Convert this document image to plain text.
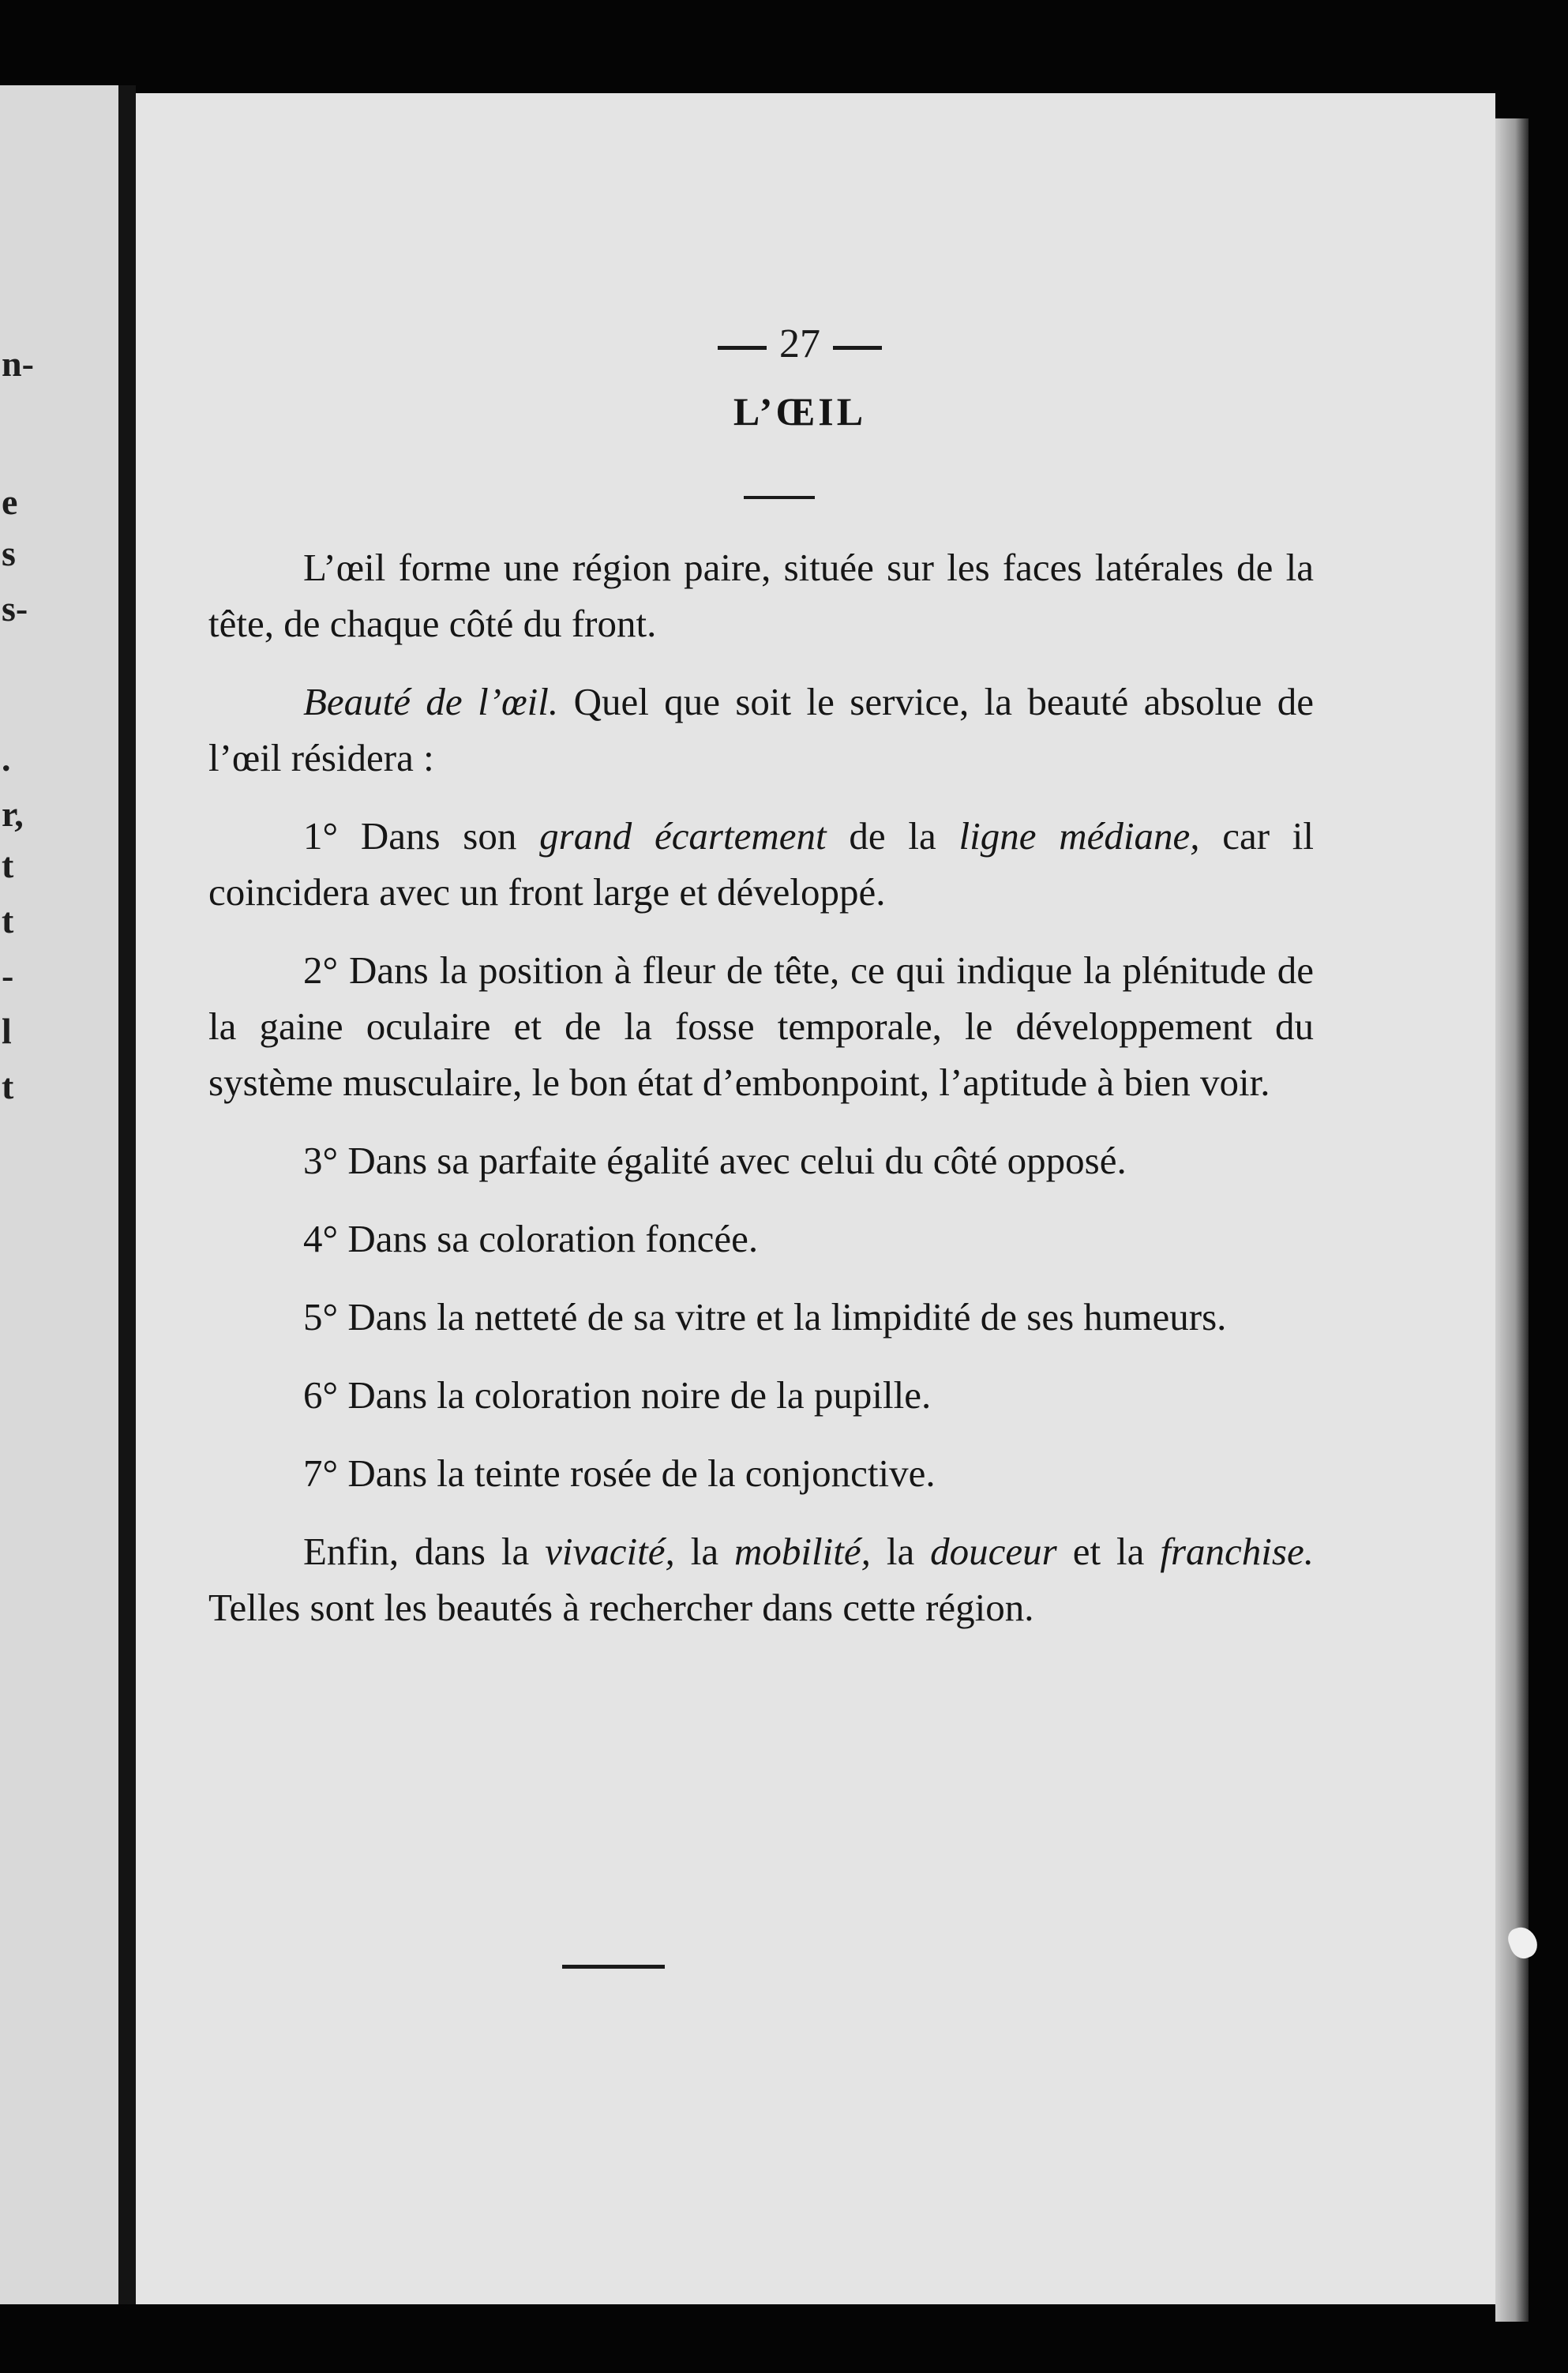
n-
e
s
s-
.
r,
t
t
-
l
t
27
L’ŒIL

L’œil forme une région paire, située sur les faces latérales de la tête, de chaque côté du front.

Beauté de l’œil. Quel que soit le service, la beauté absolue de l’œil résidera :

1° Dans son grand écartement de la ligne médiane, car il coincidera avec un front large et développé.

2° Dans la position à fleur de tête, ce qui indique la plénitude de la gaine oculaire et de la fosse temporale, le développement du système musculaire, le bon état d’embonpoint, l’aptitude à bien voir.

3° Dans sa parfaite égalité avec celui du côté opposé.

4° Dans sa coloration foncée.

5° Dans la netteté de sa vitre et la limpidité de ses humeurs.

6° Dans la coloration noire de la pupille.

7° Dans la teinte rosée de la conjonctive.

Enfin, dans la vivacité, la mobilité, la douceur et la franchise. Telles sont les beautés à rechercher dans cette région.
